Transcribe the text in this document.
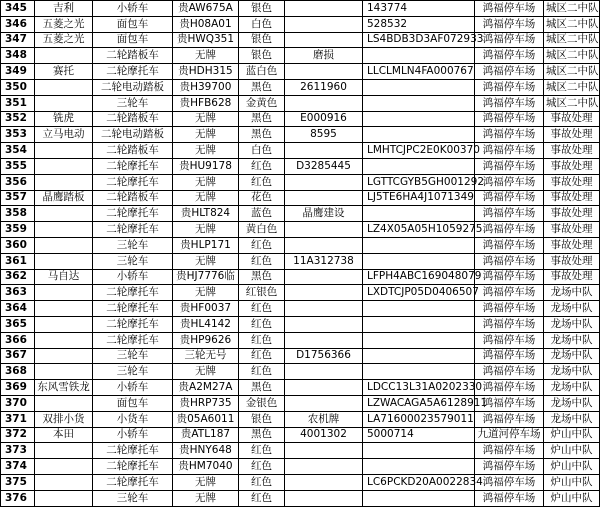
345	吉利	小轿车	贵AW675A	银色		143774	鸿福停车场	城区二中队
346	五菱之光	面包车	贵H08A01	白色		528532	鸿福停车场	城区二中队
347	五菱之光	面包车	贵HWQ351	银色		LS4BDB3D3AF072933	鸿福停车场	城区二中队
348		二轮踏板车	无牌	银色	磨损		鸿福停车场	城区二中队
349	赛托	二轮摩托车	贵HDH315	蓝白色		LLCLMLN4FA000767	鸿福停车场	城区二中队
350		二轮电动踏板	贵H39700	黑色	2611960		鸿福停车场	城区二中队
351		三轮车	贵HFB628	金黄色			鸿福停车场	城区二中队
352	铣虎	二轮踏板车	无牌	黑色	E000916		鸿福停车场	事故处理
353	立马电动	二轮电动踏板	无牌	黑色	8595		鸿福停车场	事故处理
354		二轮踏板车	无牌	白色		LMHTCJPC2E0K00370	鸿福停车场	事故处理
355		二轮摩托车	贵HU9178	红色	D3285445		鸿福停车场	事故处理
356		二轮摩托车	无牌	红色		LGTTCGYB5GH001292	鸿福停车场	事故处理
357	晶鹰踏板	二轮踏板车	无牌	花色		LJ5TE6HA4J1071349	鸿福停车场	事故处理
358		二轮摩托车	贵HLT824	蓝色	晶鹰建设		鸿福停车场	事故处理
359		二轮摩托车	无牌	黄白色		LZ4X05A05H1059275	鸿福停车场	事故处理
360		三轮车	贵HLP171	红色			鸿福停车场	事故处理
361		三轮车	无牌	红色	11A312738		鸿福停车场	事故处理
362	马自达	小轿车	贵HJ7776临	黑色		LFPH4ABC169048079	鸿福停车场	事故处理
363		二轮摩托车	无牌	红银色		LXDTCJP05D0406507	鸿福停车场	龙场中队
364		二轮摩托车	贵HF0037	红色			鸿福停车场	龙场中队
365		二轮摩托车	贵HL4142	红色			鸿福停车场	龙场中队
366		二轮摩托车	贵HP9626	红色			鸿福停车场	龙场中队
367		三轮车	三轮无号	红色	D1756366		鸿福停车场	龙场中队
368		三轮车	无牌	红色			鸿福停车场	龙场中队
369	东风雪铁龙	小轿车	贵A2M27A	黑色		LDCC13L31A0202330	鸿福停车场	龙场中队
370		面包车	贵HRP735	金银色		LZWACAGA5A6128911	鸿福停车场	龙场中队
371	双排小货	小货车	贵05A6011	银色	农机牌	LA71600023579011	鸿福停车场	龙场中队
372	本田	小轿车	贵ATL187	黑色	4001302	5000714	九道河停车场	炉山中队
373		二轮摩托车	贵HNY648	红色			鸿福停车场	炉山中队
374		二轮摩托车	贵HM7040	红色			鸿福停车场	炉山中队
375		二轮摩托车	无牌	红色		LC6PCKD20A0022834	鸿福停车场	炉山中队
376		三轮车	无牌	红色			鸿福停车场	炉山中队
